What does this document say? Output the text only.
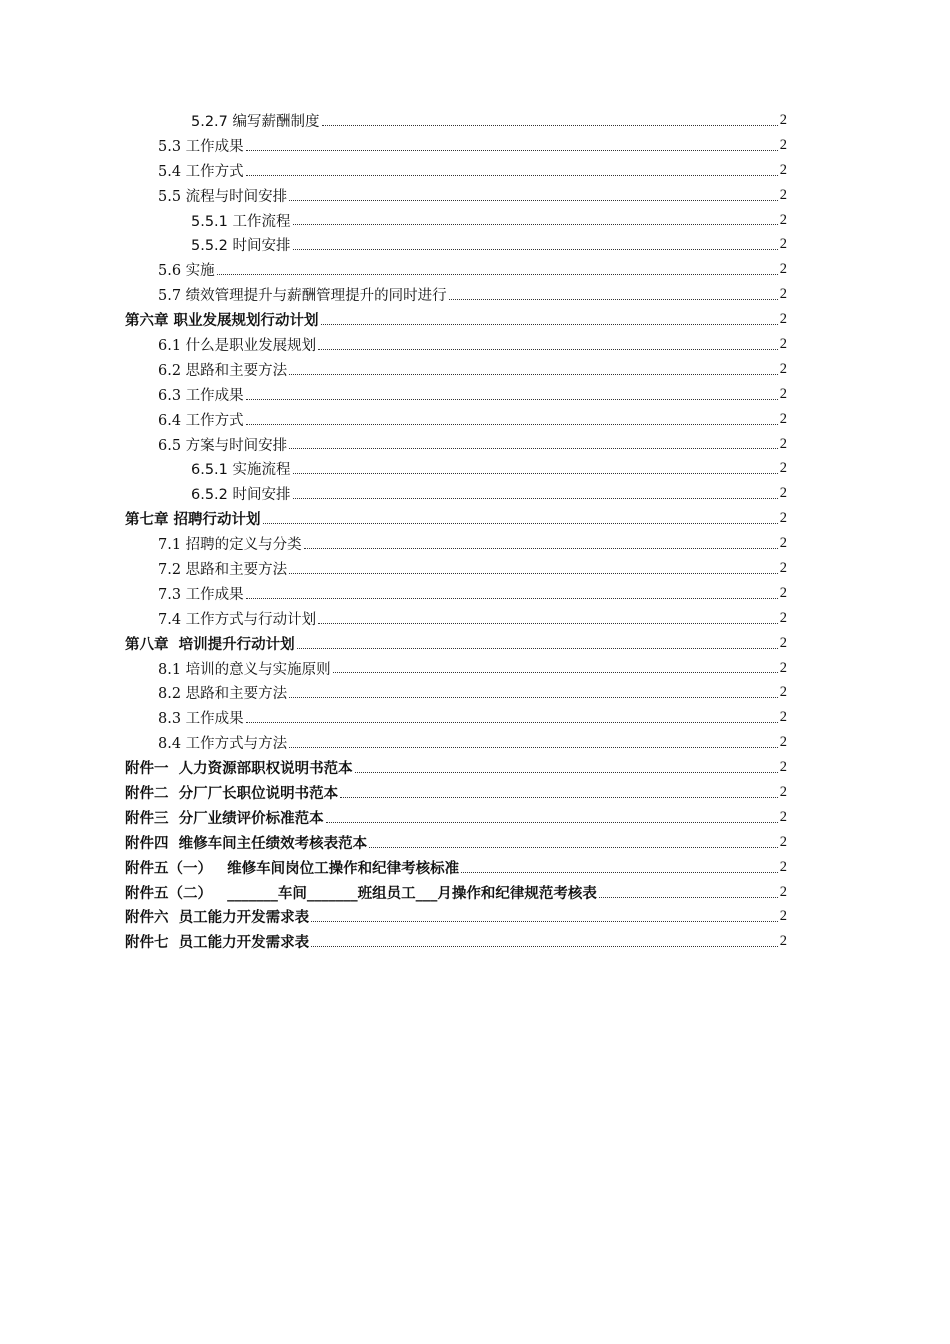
5.2.7 编写薪酬制度	2
5.3 工作成果	2
5.4 工作方式	2
5.5 流程与时间安排	2
5.5.1 工作流程	2
5.5.2 时间安排	2
5.6 实施	2
5.7 绩效管理提升与薪酬管理提升的同时进行	2
第六章 职业发展规划行动计划	2
6.1 什么是职业发展规划	2
6.2 思路和主要方法	2
6.3 工作成果	2
6.4 工作方式	2
6.5 方案与时间安排	2
6.5.1 实施流程	2
6.5.2 时间安排	2
第七章 招聘行动计划	2
7.1 招聘的定义与分类	2
7.2 思路和主要方法	2
7.3 工作成果	2
7.4 工作方式与行动计划	2
第八章  培训提升行动计划	2
8.1 培训的意义与实施原则	2
8.2 思路和主要方法	2
8.3 工作成果	2
8.4 工作方式与方法	2
附件一  人力资源部职权说明书范本	2
附件二  分厂厂长职位说明书范本	2
附件三  分厂业绩评价标准范本	2
附件四  维修车间主任绩效考核表范本	2
附件五（一）   维修车间岗位工操作和纪律考核标准	2
附件五（二）   _______车间_______班组员工___月操作和纪律规范考核表	2
附件六  员工能力开发需求表	2
附件七  员工能力开发需求表	2
